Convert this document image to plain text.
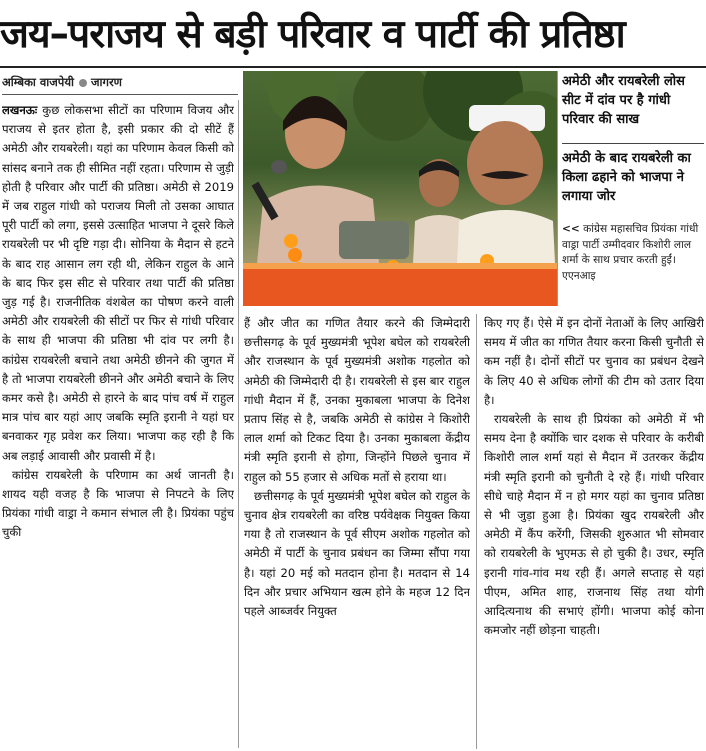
जय–पराजय से बड़ी परिवार व पार्टी की प्रतिष्ठा
अम्बिका वाजपेयी जागरण	अमेठी और रायबरेली लोस सीट में दांव पर है गांधी परिवार की साख
अमेठी के बाद रायबरेली का किला ढहाने को भाजपा ने लगाया जोर
<< कांग्रेस महासचिव प्रियंका गांधी वाड्रा पार्टी उम्मीदवार किशोरी लाल शर्मा के साथ प्रचार करती हुईं। एएनआइ

लखनऊः कुछ लोकसभा सीटों का परिणाम विजय और पराजय से इतर होता है, इसी प्रकार की दो सीटें हैं अमेठी और रायबरेली। यहां का परिणाम केवल किसी को सांसद बनाने तक ही सीमित नहीं रहता। परिणाम से जुड़ी होती है परिवार और पार्टी की प्रतिष्ठा। अमेठी से 2019 में जब राहुल गांधी को पराजय मिली तो उसका आघात पूरी पार्टी को लगा, इससे उत्साहित भाजपा ने दूसरे किले रायबरेली पर भी दृष्टि गड़ा दी। सोनिया के मैदान से हटने के बाद राह आसान लग रही थी, लेकिन राहुल के आने के बाद फिर इस सीट से परिवार तथा पार्टी की प्रतिष्ठा जुड़ गई है। राजनीतिक वंशबेल का पोषण करने वाली अमेठी और रायबरेली की सीटों पर फिर से गांधी परिवार के साथ ही भाजपा की प्रतिष्ठा भी दांव पर लगी है। कांग्रेस रायबरेली बचाने तथा अमेठी छीनने की जुगत में है तो भाजपा रायबरेली छीनने और अमेठी बचाने के लिए कमर कसे है। अमेठी से हारने के बाद पांच वर्ष में राहुल मात्र पांच बार यहां आए जबकि स्मृति इरानी ने यहां घर बनवाकर गृह प्रवेश कर लिया। भाजपा कह रही है कि अब लड़ाई आवासी और प्रवासी में है।

कांग्रेस रायबरेली के परिणाम का अर्थ जानती है। शायद यही वजह है कि भाजपा से निपटने के लिए प्रियंका गांधी वाड्रा ने कमान संभाल ली है। प्रियंका पहुंच चुकी

हैं और जीत का गणित तैयार करने की जिम्मेदारी छत्तीसगढ़ के पूर्व मुख्यमंत्री भूपेश बघेल को रायबरेली और राजस्थान के पूर्व मुख्यमंत्री अशोक गहलोत को अमेठी की जिम्मेदारी दी है। रायबरेली से इस बार राहुल गांधी मैदान में हैं, उनका मुकाबला भाजपा के दिनेश प्रताप सिंह से है, जबकि अमेठी से कांग्रेस ने किशोरी लाल शर्मा को टिकट दिया है। उनका मुकाबला केंद्रीय मंत्री स्मृति इरानी से होगा, जिन्होंने पिछले चुनाव में राहुल को 55 हजार से अधिक मतों से हराया था।

छत्तीसगढ़ के पूर्व मुख्यमंत्री भूपेश बघेल को राहुल के चुनाव क्षेत्र रायबरेली का वरिष्ठ पर्यवेक्षक नियुक्त किया गया है तो राजस्थान के पूर्व सीएम अशोक गहलोत को अमेठी में पार्टी के चुनाव प्रबंधन का जिम्मा सौंपा गया है। यहां 20 मई को मतदान होना है। मतदान से 14 दिन और प्रचार अभियान खत्म होने के महज 12 दिन पहले आब्जर्वर नियुक्त

किए गए हैं। ऐसे में इन दोनों नेताओं के लिए आखिरी समय में जीत का गणित तैयार करना किसी चुनौती से कम नहीं है। दोनों सीटों पर चुनाव का प्रबंधन देखने के लिए 40 से अधिक लोगों की टीम को उतार दिया है।

रायबरेली के साथ ही प्रियंका को अमेठी में भी समय देना है क्योंकि चार दशक से परिवार के करीबी किशोरी लाल शर्मा यहां से मैदान में उतरकर केंद्रीय मंत्री स्मृति इरानी को चुनौती दे रहे हैं। गांधी परिवार सीधे चाहे मैदान में न हो मगर यहां का चुनाव प्रतिष्ठा से भी जुड़ा हुआ है। प्रियंका खुद रायबरेली और अमेठी में कैंप करेंगी, जिसकी शुरुआत भी सोमवार को रायबरेली के भुएमऊ से हो चुकी है। उधर, स्मृति इरानी गांव-गांव मथ रही हैं। अगले सप्ताह से यहां पीएम, अमित शाह, राजनाथ सिंह तथा योगी आदित्यनाथ की सभाएं होंगी। भाजपा कोई कोना कमजोर नहीं छोड़ना चाहती।
